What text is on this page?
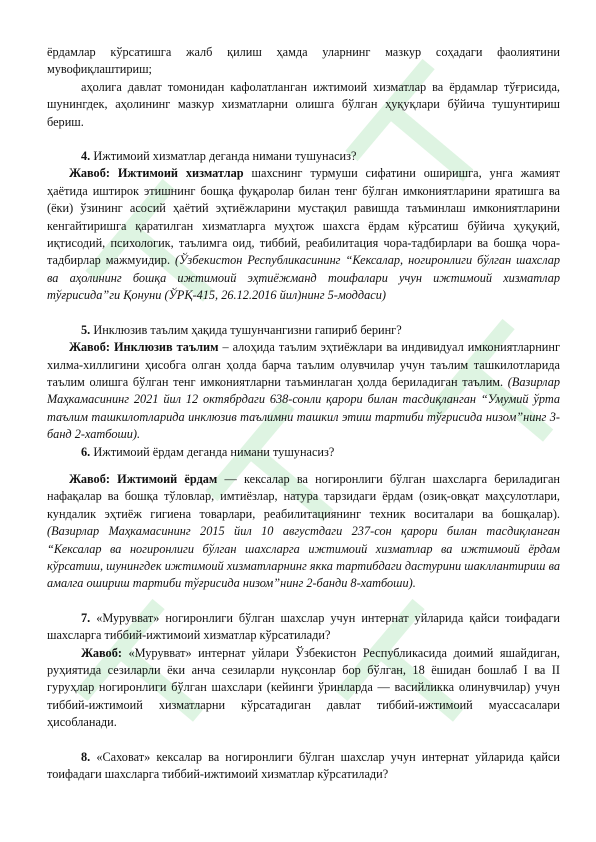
ёрдамлар кўрсатишга жалб қилиш ҳамда уларнинг мазкур соҳадаги фаолиятини мувофиқлаштириш;

аҳолига давлат томонидан кафолатланган ижтимоий хизматлар ва ёрдамлар тўғрисида, шунингдек, аҳолининг мазкур хизматларни олишга бўлган ҳуқуқлари бўйича тушунтириш бериш.

4. Ижтимоий хизматлар деганда нимани тушунасиз?

Жавоб: Ижтимоий хизматлар шахснинг турмуши сифатини оширишга, унга жамият ҳаётида иштирок этишнинг бошқа фуқаролар билан тенг бўлган имкониятларини яратишга ва (ёки) ўзининг асосий ҳаётий эҳтиёжларини мустақил равишда таъминлаш имкониятларини кенгайтиришга қаратилган хизматларга муҳтож шахсга ёрдам кўрсатиш бўйича ҳуқуқий, иқтисодий, психологик, таълимга оид, тиббий, реабилитация чора-тадбирлари ва бошқа чора-тадбирлар мажмуидир. (Ўзбекистон Республикасининг “Кексалар, ногиронлиги бўлган шахслар ва аҳолининг бошқа ижтимоий эҳтиёжманд тоифалари учун ижтимоий хизматлар тўғрисида”ги Қонуни (ЎРҚ-415, 26.12.2016 йил)нинг 5-моддаси)

5. Инклюзив таълим ҳақида тушунчангизни гапириб беринг?

Жавоб: Инклюзив таълим – алоҳида таълим эҳтиёжлари ва индивидуал имкониятларнинг хилма-хиллигини ҳисобга олган ҳолда барча таълим олувчилар учун таълим ташкилотларида таълим олишга бўлган тенг имкониятларни таъминлаган ҳолда бериладиган таълим. (Вазирлар Маҳкамасининг 2021 йил 12 октябрдаги 638-сонли қарори билан тасдиқланган “Умумий ўрта таълим ташкилотларида инклюзив таълимни ташкил этиш тартиби тўғрисида низом”нинг 3-банд 2-хатбоши).

6. Ижтимоий ёрдам деганда нимани тушунасиз?

Жавоб: Ижтимоий ёрдам — кексалар ва ногиронлиги бўлган шахсларга бериладиган нафақалар ва бошқа тўловлар, имтиёзлар, натура тарзидаги ёрдам (озиқ-овқат маҳсулотлари, кундалик эҳтиёж гигиена товарлари, реабилитациянинг техник воситалари ва бошқалар). (Вазирлар Маҳкамасининг 2015 йил 10 августдаги 237-сон қарори билан тасдиқланган “Кексалар ва ногиронлиги бўлган шахсларга ижтимоий хизматлар ва ижтимоий ёрдам кўрсатиш, шунингдек ижтимоий хизматларнинг якка тартибдаги дастурини шакллантириш ва амалга ошириш тартиби тўғрисида низом”нинг 2-банди 8-хатбоши).

7. «Мурувват» ногиронлиги бўлган шахслар учун интернат уйларида қайси тоифадаги шахсларга тиббий-ижтимоий хизматлар кўрсатилади?

Жавоб: «Мурувват» интернат уйлари Ўзбекистон Республикасида доимий яшайдиган, руҳиятида сезиларли ёки анча сезиларли нуқсонлар бор бўлган, 18 ёшидан бошлаб I ва II гуруҳлар ногиронлиги бўлган шахслари (кейинги ўринларда — васийликка олинувчилар) учун тиббий-ижтимоий хизматларни кўрсатадиган давлат тиббий-ижтимоий муассасалари ҳисобланади.

8. «Саховат» кексалар ва ногиронлиги бўлган шахслар учун интернат уйларида қайси тоифадаги шахсларга тиббий-ижтимоий хизматлар кўрсатилади?
